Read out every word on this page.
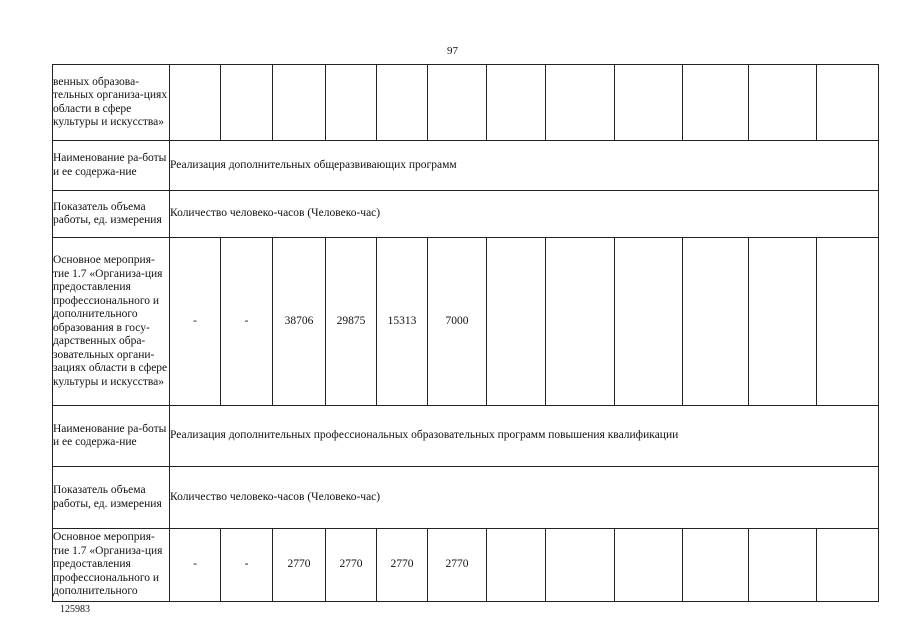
97
венных образова-тельных организа-циях области в сфере культуры и искусства»												
Наименование ра-боты и ее содержа-ние	Реализация дополнительных общеразвивающих программ											
Показатель объема работы, ед. измерения	Количество человеко-часов (Человеко-час)											
Основное мероприя-тие 1.7 «Организа-ция предоставления профессионального и дополнительного образования в госу-дарственных обра-зовательных органи-зациях области в сфере культуры и искусства»	-	-	38706	29875	15313	7000						
Наименование ра-боты и ее содержа-ние	Реализация дополнительных профессиональных образовательных программ повышения квалификации											
Показатель объема работы, ед. измерения	Количество человеко-часов (Человеко-час)											
Основное мероприя-тие 1.7 «Организа-ция предоставления профессионального и дополнительного	-	-	2770	2770	2770	2770						
125983
